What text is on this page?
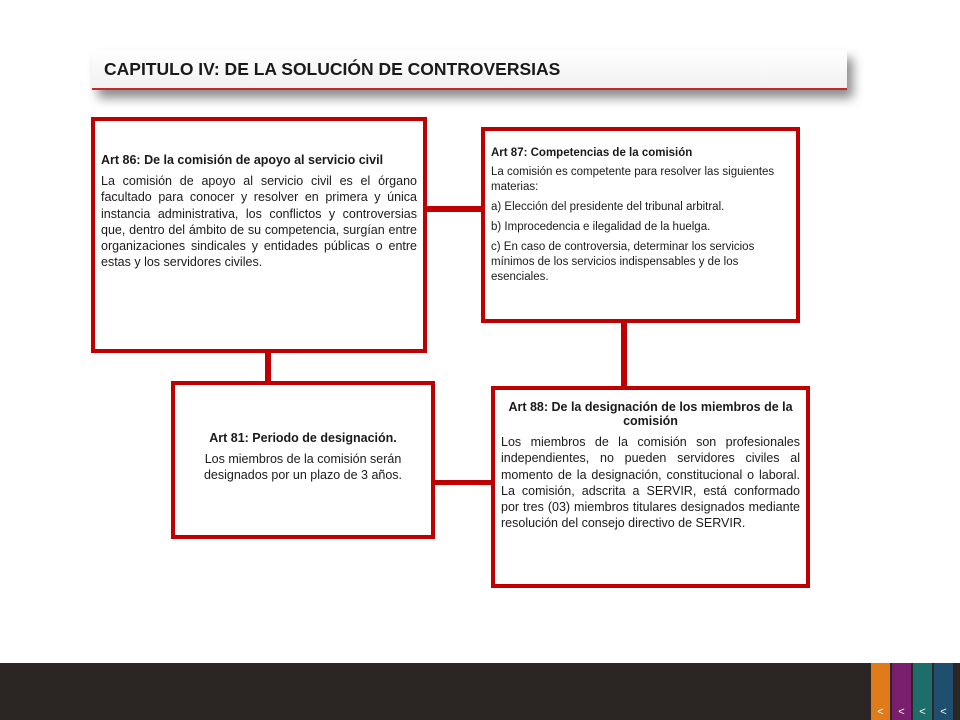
CAPITULO IV: DE LA SOLUCIÓN DE CONTROVERSIAS
Art 86: De la comisión de apoyo al servicio civil

La comisión de apoyo al servicio civil es el órgano facultado para conocer y resolver en primera y única instancia administrativa, los conflictos y controversias que, dentro del ámbito de su competencia, surgían entre organizaciones sindicales y entidades públicas o entre estas y los servidores civiles.

Art 87: Competencias de la comisión

La comisión es competente para resolver las siguientes materias:

a) Elección del presidente del tribunal arbitral.

b) Improcedencia e ilegalidad de la huelga.

c) En caso de controversia, determinar los servicios mínimos de los servicios indispensables y de los esenciales.

Art 81: Periodo de designación.

Los miembros de la comisión serán designados por un plazo de 3 años.

Art 88: De la designación de los miembros de la comisión

Los miembros de la comisión son profesionales independientes, no pueden servidores civiles al momento de la designación, constitucional o laboral. La comisión, adscrita a SERVIR, está conformado por tres (03) miembros titulares designados mediante resolución del consejo directivo de SERVIR.

<	<	<	<
